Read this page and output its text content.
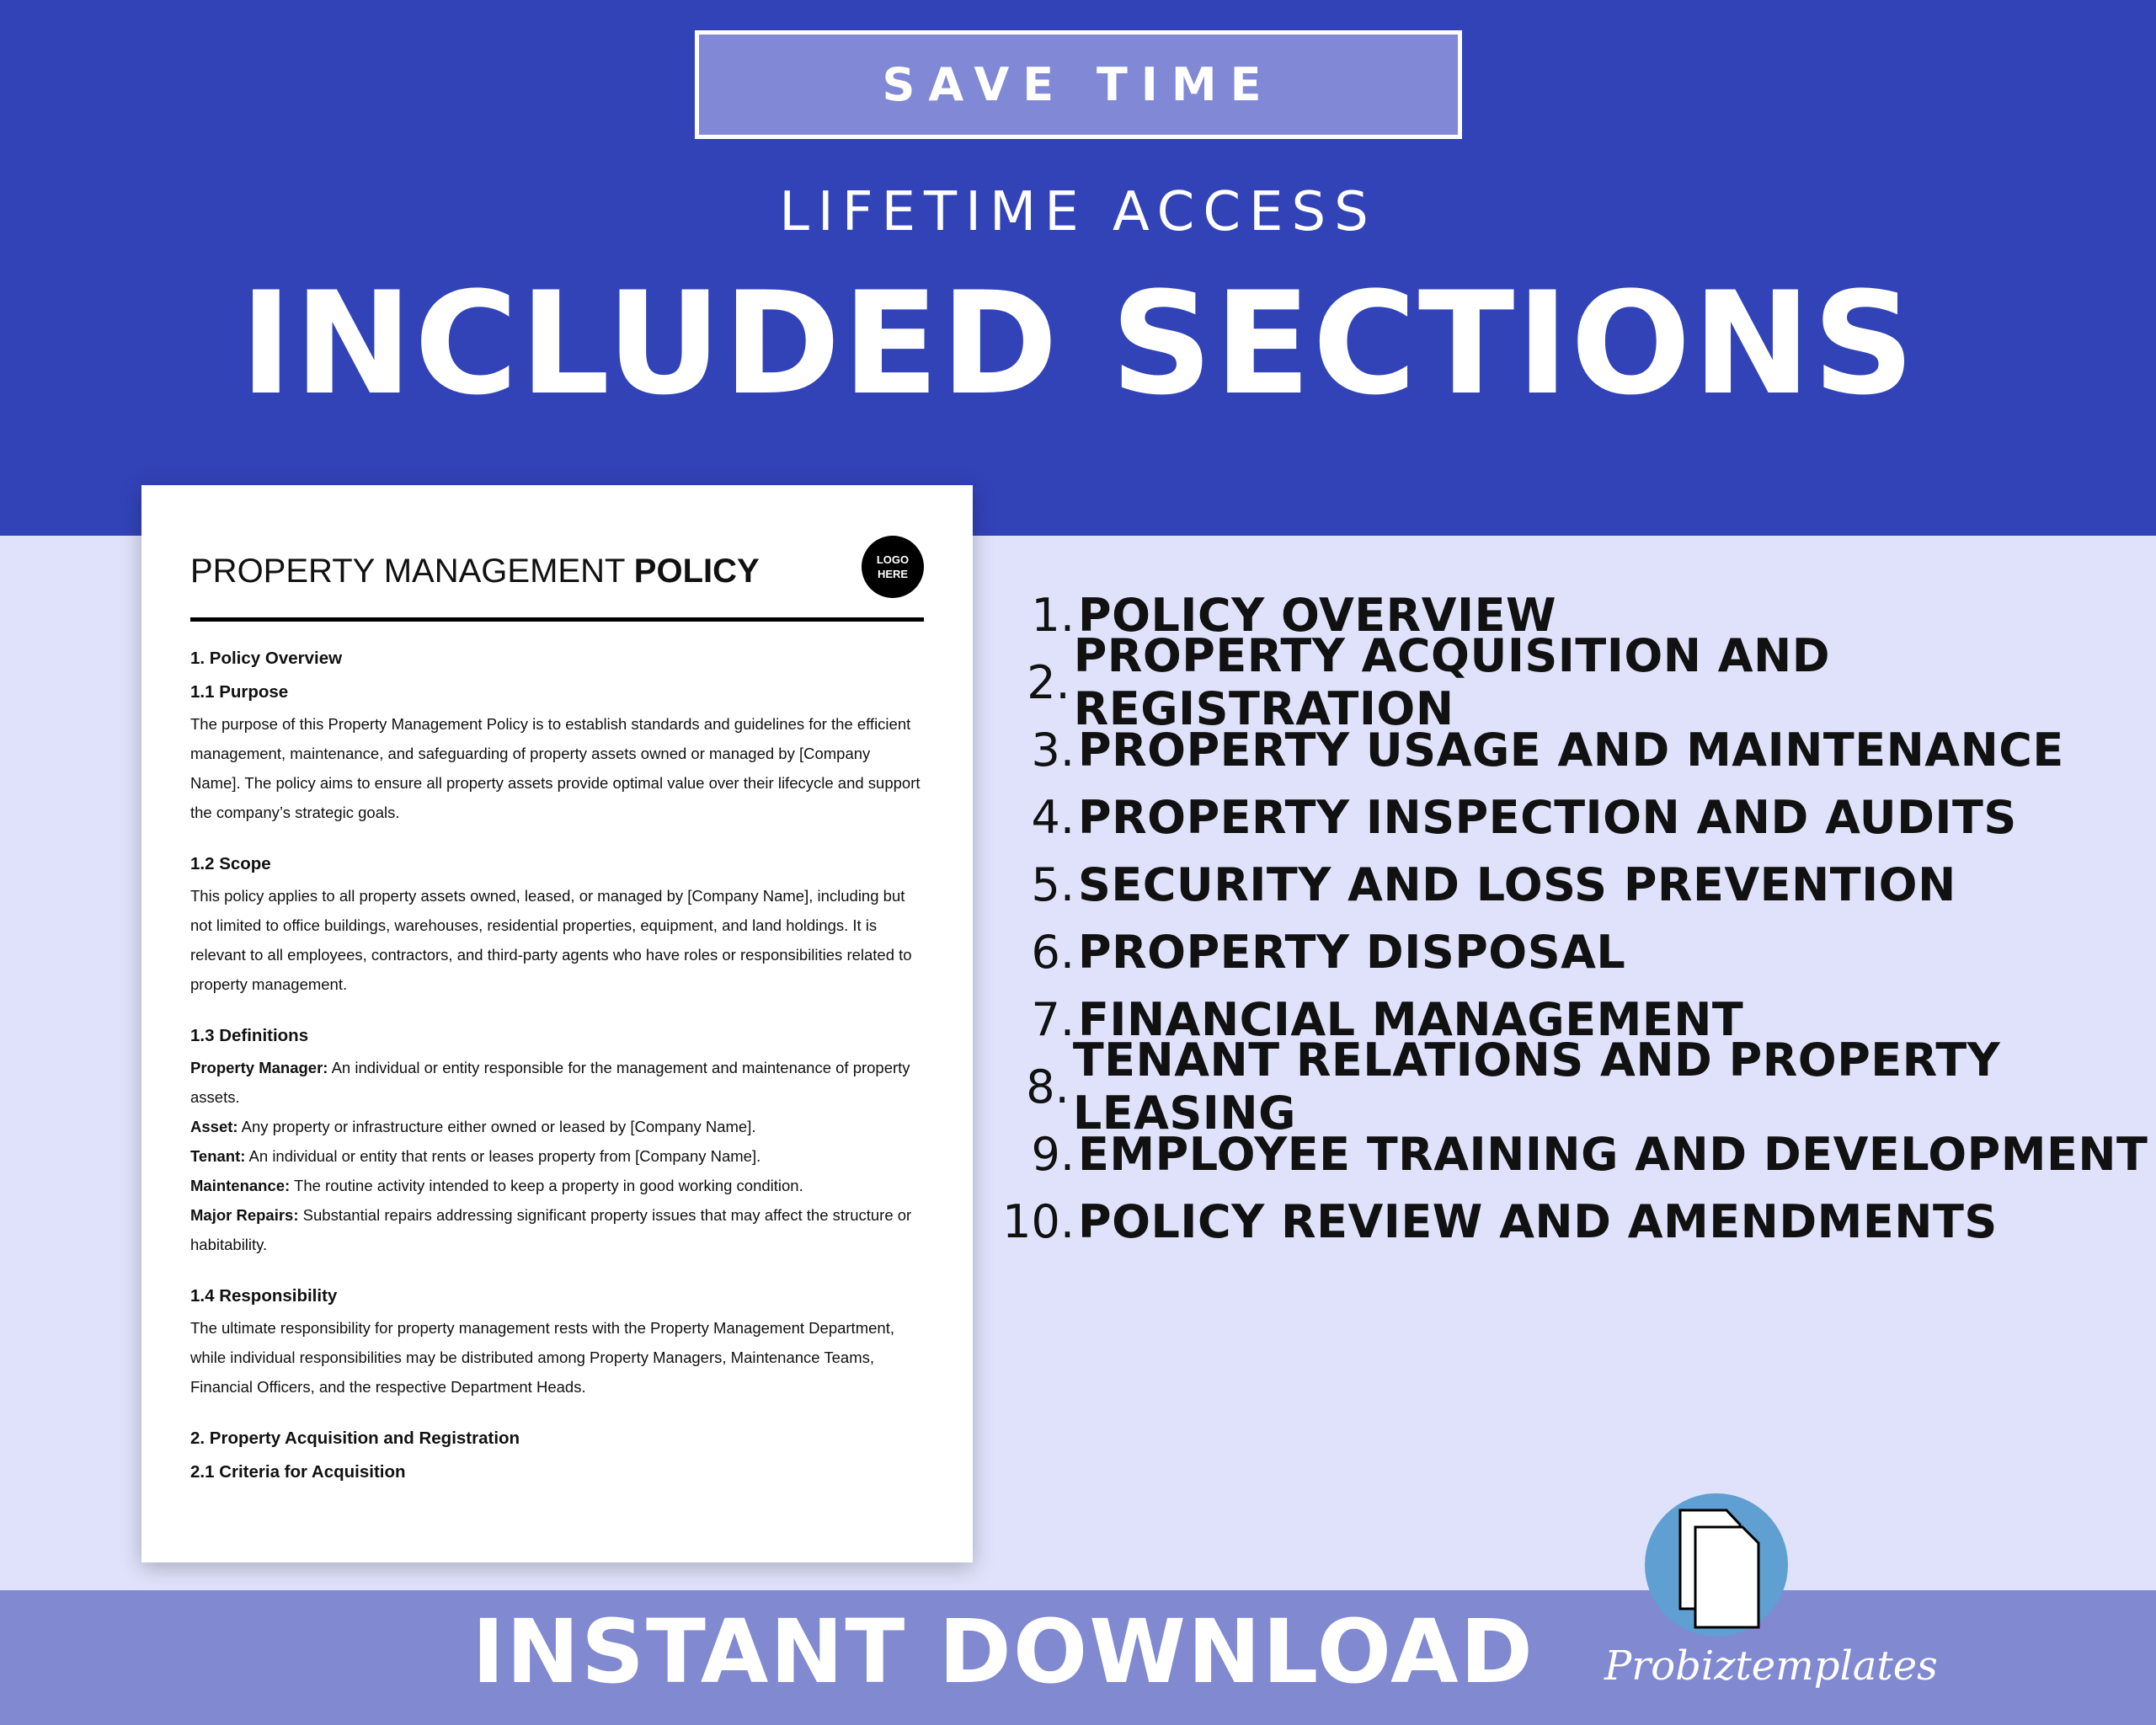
SAVE TIME
LIFETIME ACCESS
INCLUDED SECTIONS
PROPERTY MANAGEMENT POLICY	LOGO
HERE
1. Policy Overview
1.1 Purpose

The purpose of this Property Management Policy is to establish standards and guidelines for the efficient management, maintenance, and safeguarding of property assets owned or managed by [Company Name]. The policy aims to ensure all property assets provide optimal value over their lifecycle and support the company’s strategic goals.

1.2 Scope

This policy applies to all property assets owned, leased, or managed by [Company Name], including but not limited to office buildings, warehouses, residential properties, equipment, and land holdings. It is relevant to all employees, contractors, and third-party agents who have roles or responsibilities related to property management.

1.3 Definitions
Property Manager: An individual or entity responsible for the management and maintenance of property assets.
Asset: Any property or infrastructure either owned or leased by [Company Name].
Tenant: An individual or entity that rents or leases property from [Company Name].
Maintenance: The routine activity intended to keep a property in good working condition.
Major Repairs: Substantial repairs addressing significant property issues that may affect the structure or habitability.
1.4 Responsibility

The ultimate responsibility for property management rests with the Property Management Department, while individual responsibilities may be distributed among Property Managers, Maintenance Teams, Financial Officers, and the respective Department Heads.

2. Property Acquisition and Registration
2.1 Criteria for Acquisition
1. POLICY OVERVIEW
2. PROPERTY ACQUISITION AND REGISTRATION
3. PROPERTY USAGE AND MAINTENANCE
4. PROPERTY INSPECTION AND AUDITS
5. SECURITY AND LOSS PREVENTION
6. PROPERTY DISPOSAL
7. FINANCIAL MANAGEMENT
8. TENANT RELATIONS AND PROPERTY LEASING
9. EMPLOYEE TRAINING AND DEVELOPMENT
10. POLICY REVIEW AND AMENDMENTS
INSTANT DOWNLOAD	Probiztemplates
